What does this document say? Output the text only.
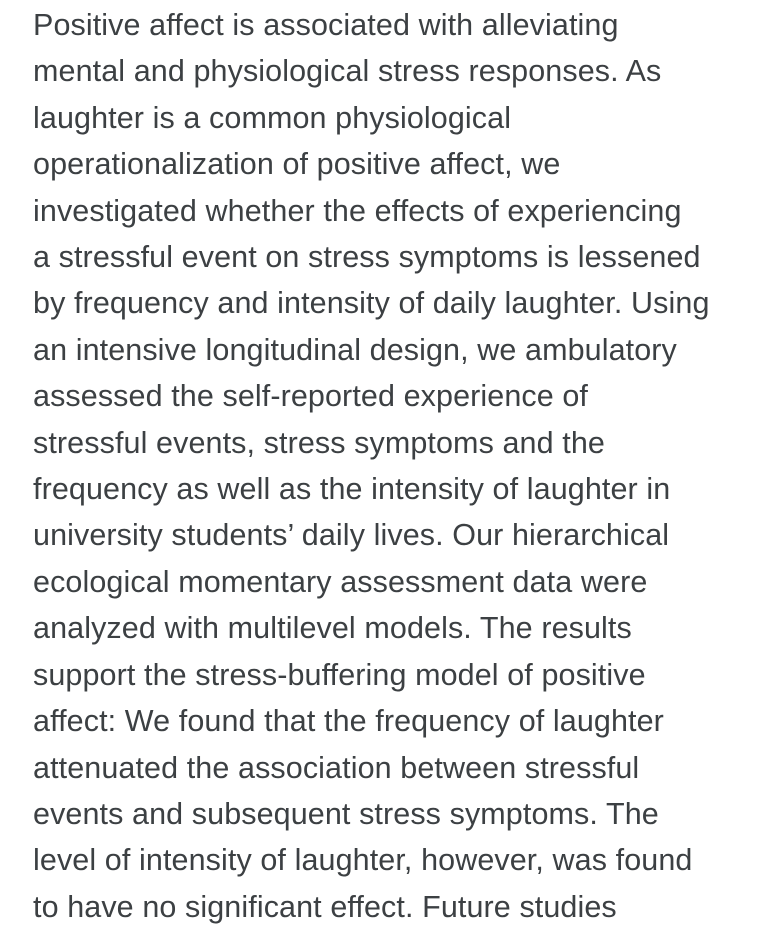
Positive affect is associated with alleviating
mental and physiological stress responses. As
laughter is a common physiological
operationalization of positive affect, we
investigated whether the effects of experiencing
a stressful event on stress symptoms is lessened
by frequency and intensity of daily laughter. Using
an intensive longitudinal design, we ambulatory
assessed the self-reported experience of
stressful events, stress symptoms and the
frequency as well as the intensity of laughter in
university students’ daily lives. Our hierarchical
ecological momentary assessment data were
analyzed with multilevel models. The results
support the stress-buffering model of positive
affect: We found that the frequency of laughter
attenuated the association between stressful
events and subsequent stress symptoms. The
level of intensity of laughter, however, was found
to have no significant effect. Future studies
